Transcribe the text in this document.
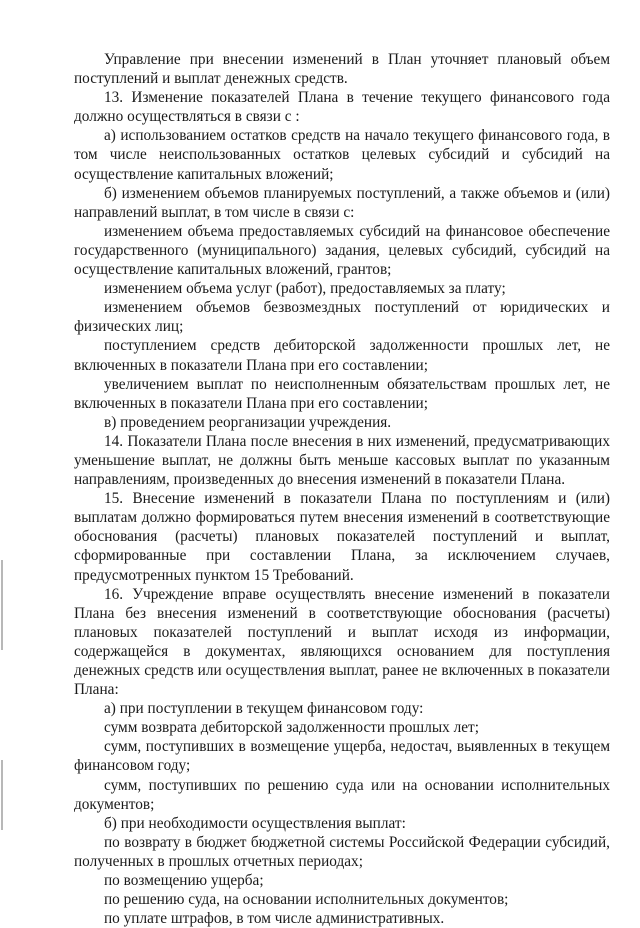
Управление при внесении изменений в План уточняет плановый объем поступлений и выплат денежных средств.

13. Изменение показателей Плана в течение текущего финансового года должно осуществляться в связи с :

а) использованием остатков средств на начало текущего финансового года, в том числе неиспользованных остатков целевых субсидий и субсидий на осуществление капитальных вложений;

б) изменением объемов планируемых поступлений, а также объемов и (или) направлений выплат, в том числе в связи с:

изменением объема предоставляемых субсидий на финансовое обеспечение государственного (муниципального) задания, целевых субсидий, субсидий на осуществление капитальных вложений, грантов;

изменением объема услуг (работ), предоставляемых за плату;

изменением объемов безвозмездных поступлений от юридических и физических лиц;

поступлением средств дебиторской задолженности прошлых лет, не включенных в показатели Плана при его составлении;

увеличением выплат по неисполненным обязательствам прошлых лет, не включенных в показатели Плана при его составлении;

в) проведением реорганизации учреждения.

14. Показатели Плана после внесения в них изменений, предусматривающих уменьшение выплат, не должны быть меньше кассовых выплат по указанным направлениям, произведенных до внесения изменений в показатели Плана.

15. Внесение изменений в показатели Плана по поступлениям и (или) выплатам должно формироваться путем внесения изменений в соответствующие обоснования (расчеты) плановых показателей поступлений и выплат, сформированные при составлении Плана, за исключением случаев, предусмотренных пунктом 15 Требований.

16. Учреждение вправе осуществлять внесение изменений в показатели Плана без внесения изменений в соответствующие обоснования (расчеты) плановых показателей поступлений и выплат исходя из информации, содержащейся в документах, являющихся основанием для поступления денежных средств или осуществления выплат, ранее не включенных в показатели Плана:

а) при поступлении в текущем финансовом году:

сумм возврата дебиторской задолженности прошлых лет;

сумм, поступивших в возмещение ущерба, недостач, выявленных в текущем финансовом году;

сумм, поступивших по решению суда или на основании исполнительных документов;

б) при необходимости осуществления выплат:

по возврату в бюджет бюджетной системы Российской Федерации субсидий, полученных в прошлых отчетных периодах;

по возмещению ущерба;

по решению суда, на основании исполнительных документов;

по уплате штрафов, в том числе административных.
